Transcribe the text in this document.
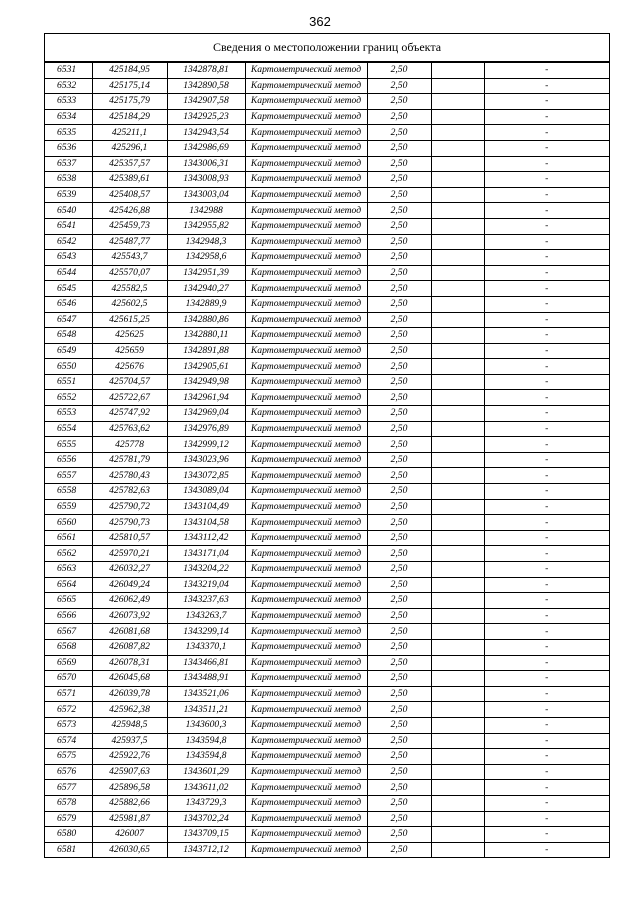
362
Сведения о местоположении границ объекта
6531	425184,95	1342878,81	Картометрический метод	2,50		-
6532	425175,14	1342890,58	Картометрический метод	2,50		-
6533	425175,79	1342907,58	Картометрический метод	2,50		-
6534	425184,29	1342925,23	Картометрический метод	2,50		-
6535	425211,1	1342943,54	Картометрический метод	2,50		-
6536	425296,1	1342986,69	Картометрический метод	2,50		-
6537	425357,57	1343006,31	Картометрический метод	2,50		-
6538	425389,61	1343008,93	Картометрический метод	2,50		-
6539	425408,57	1343003,04	Картометрический метод	2,50		-
6540	425426,88	1342988	Картометрический метод	2,50		-
6541	425459,73	1342955,82	Картометрический метод	2,50		-
6542	425487,77	1342948,3	Картометрический метод	2,50		-
6543	425543,7	1342958,6	Картометрический метод	2,50		-
6544	425570,07	1342951,39	Картометрический метод	2,50		-
6545	425582,5	1342940,27	Картометрический метод	2,50		-
6546	425602,5	1342889,9	Картометрический метод	2,50		-
6547	425615,25	1342880,86	Картометрический метод	2,50		-
6548	425625	1342880,11	Картометрический метод	2,50		-
6549	425659	1342891,88	Картометрический метод	2,50		-
6550	425676	1342905,61	Картометрический метод	2,50		-
6551	425704,57	1342949,98	Картометрический метод	2,50		-
6552	425722,67	1342961,94	Картометрический метод	2,50		-
6553	425747,92	1342969,04	Картометрический метод	2,50		-
6554	425763,62	1342976,89	Картометрический метод	2,50		-
6555	425778	1342999,12	Картометрический метод	2,50		-
6556	425781,79	1343023,96	Картометрический метод	2,50		-
6557	425780,43	1343072,85	Картометрический метод	2,50		-
6558	425782,63	1343089,04	Картометрический метод	2,50		-
6559	425790,72	1343104,49	Картометрический метод	2,50		-
6560	425790,73	1343104,58	Картометрический метод	2,50		-
6561	425810,57	1343112,42	Картометрический метод	2,50		-
6562	425970,21	1343171,04	Картометрический метод	2,50		-
6563	426032,27	1343204,22	Картометрический метод	2,50		-
6564	426049,24	1343219,04	Картометрический метод	2,50		-
6565	426062,49	1343237,63	Картометрический метод	2,50		-
6566	426073,92	1343263,7	Картометрический метод	2,50		-
6567	426081,68	1343299,14	Картометрический метод	2,50		-
6568	426087,82	1343370,1	Картометрический метод	2,50		-
6569	426078,31	1343466,81	Картометрический метод	2,50		-
6570	426045,68	1343488,91	Картометрический метод	2,50		-
6571	426039,78	1343521,06	Картометрический метод	2,50		-
6572	425962,38	1343511,21	Картометрический метод	2,50		-
6573	425948,5	1343600,3	Картометрический метод	2,50		-
6574	425937,5	1343594,8	Картометрический метод	2,50		-
6575	425922,76	1343594,8	Картометрический метод	2,50		-
6576	425907,63	1343601,29	Картометрический метод	2,50		-
6577	425896,58	1343611,02	Картометрический метод	2,50		-
6578	425882,66	1343729,3	Картометрический метод	2,50		-
6579	425981,87	1343702,24	Картометрический метод	2,50		-
6580	426007	1343709,15	Картометрический метод	2,50		-
6581	426030,65	1343712,12	Картометрический метод	2,50		-
